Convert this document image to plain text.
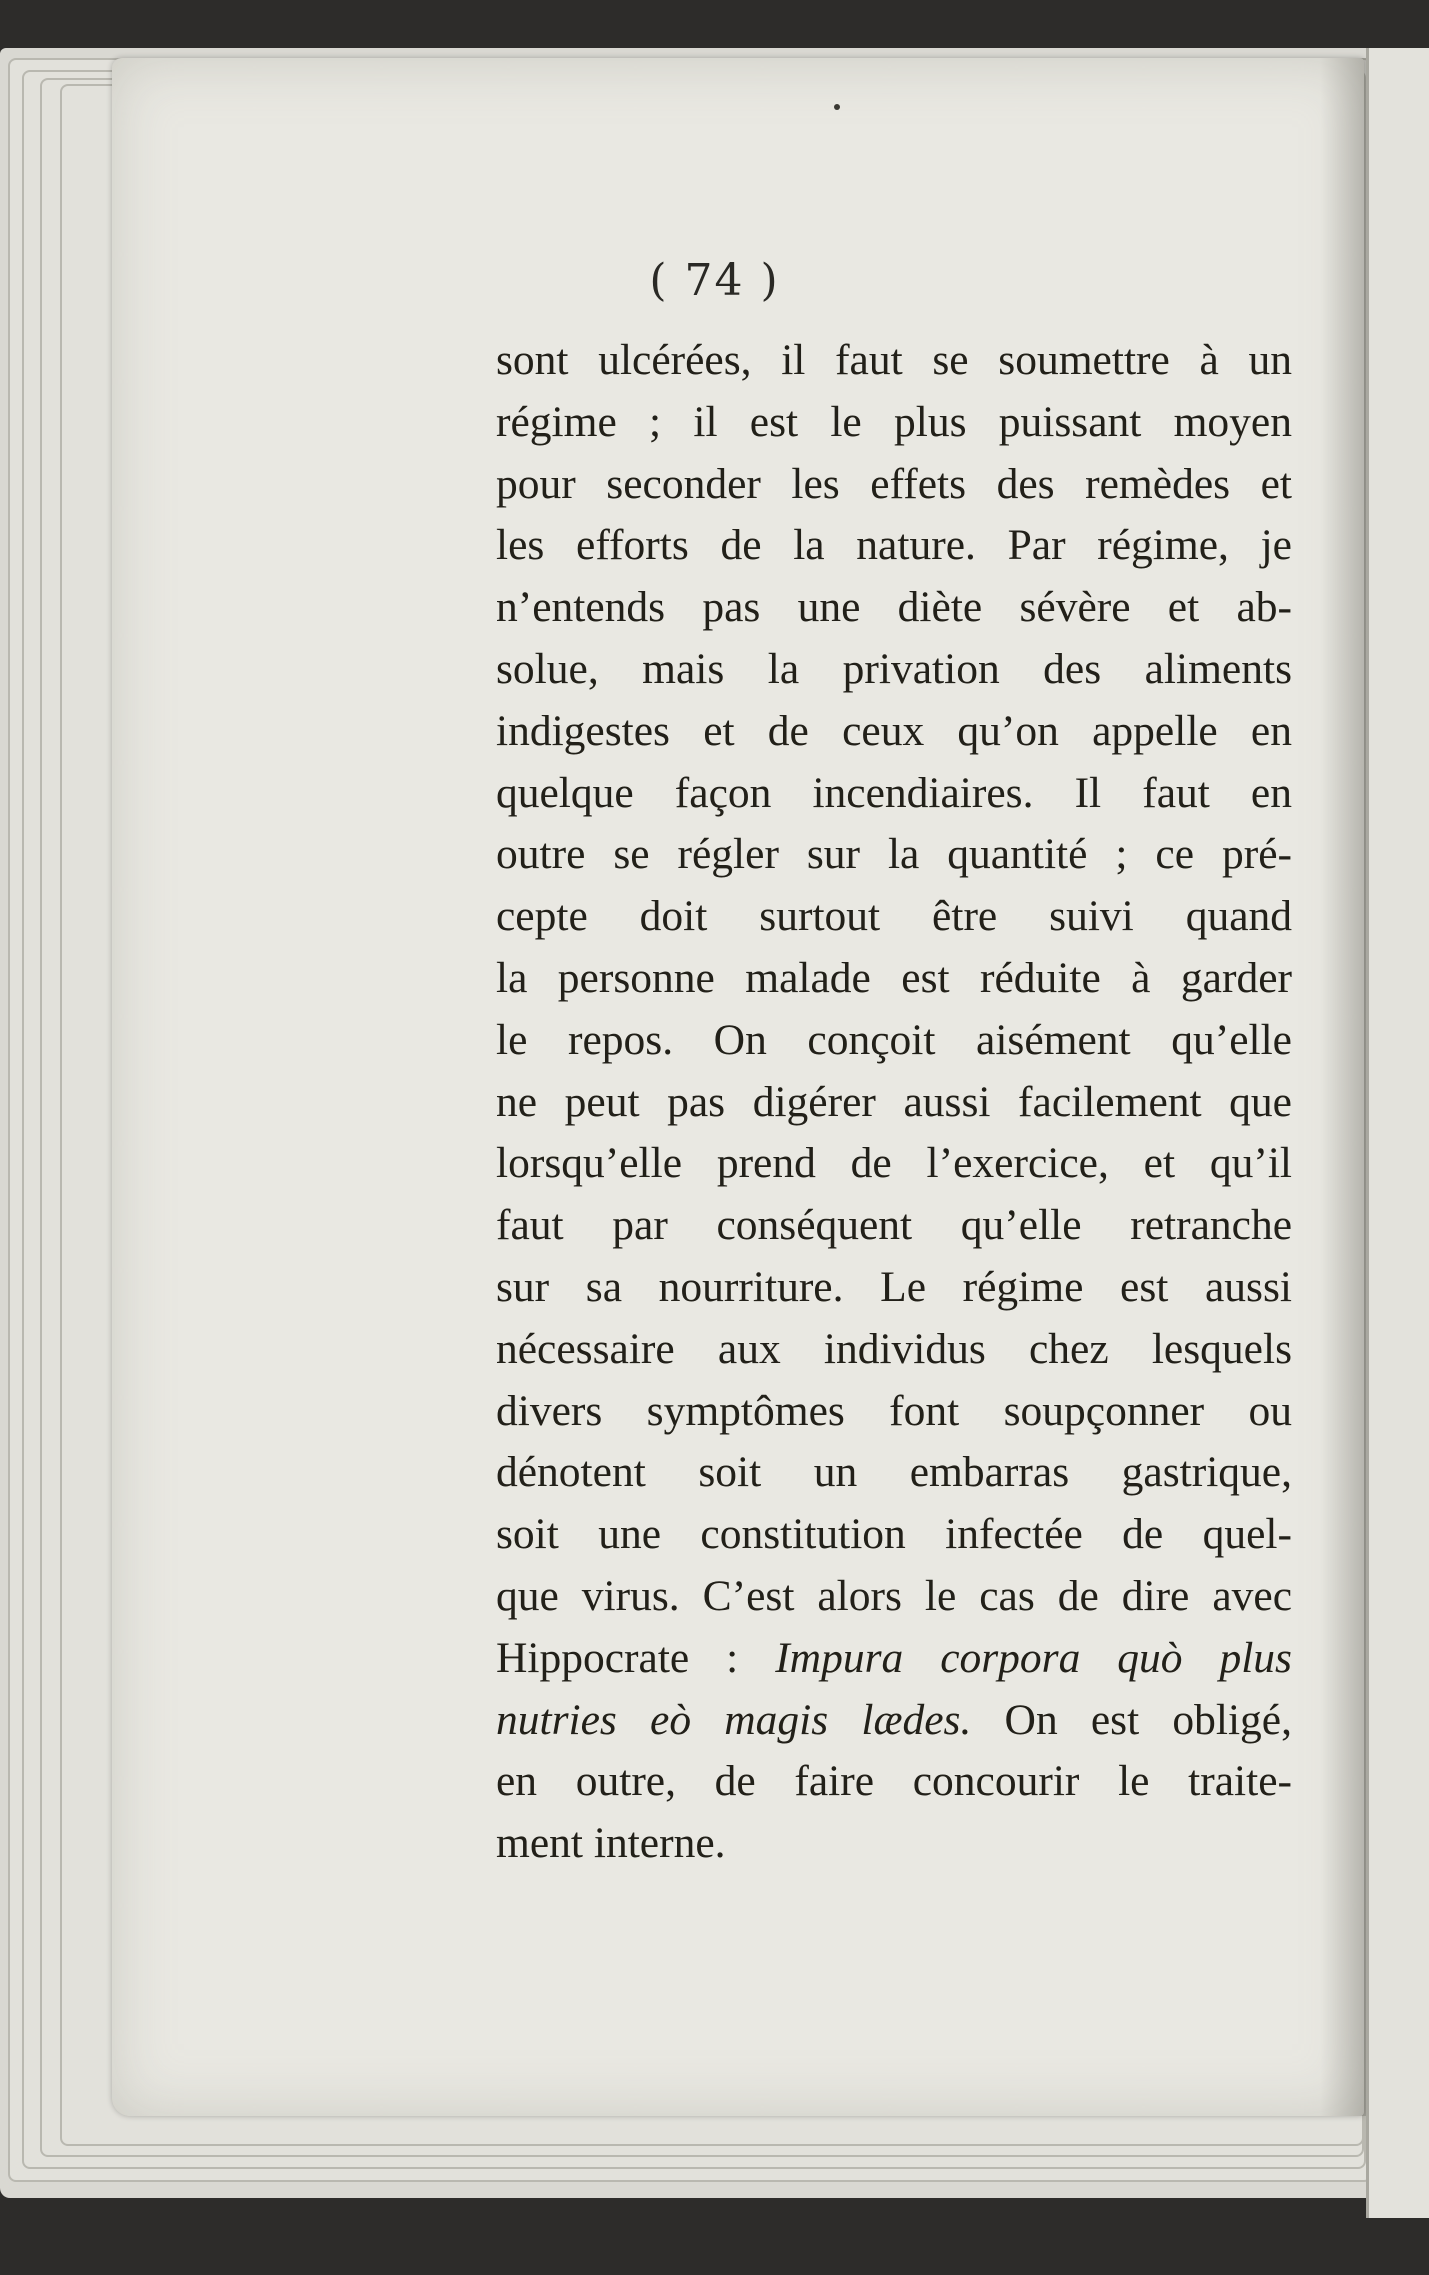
( 74 )
sont ulcérées, il faut se soumettre à un
régime ; il est le plus puissant moyen
pour seconder les effets des remèdes et
les efforts de la nature. Par régime, je
n’entends pas une diète sévère et ab-
solue, mais la privation des aliments
indigestes et de ceux qu’on appelle en
quelque façon incendiaires. Il faut en
outre se régler sur la quantité ; ce pré-
cepte doit surtout être suivi quand
la personne malade est réduite à garder
le repos. On conçoit aisément qu’elle
ne peut pas digérer aussi facilement que
lorsqu’elle prend de l’exercice, et qu’il
faut par conséquent qu’elle retranche
sur sa nourriture. Le régime est aussi
nécessaire aux individus chez lesquels
divers symptômes font soupçonner ou
dénotent soit un embarras gastrique,
soit une constitution infectée de quel-
que virus. C’est alors le cas de dire avec
Hippocrate : Impura corpora quò plus
nutries eò magis lædes. On est obligé,
en outre, de faire concourir le traite-
ment interne.
